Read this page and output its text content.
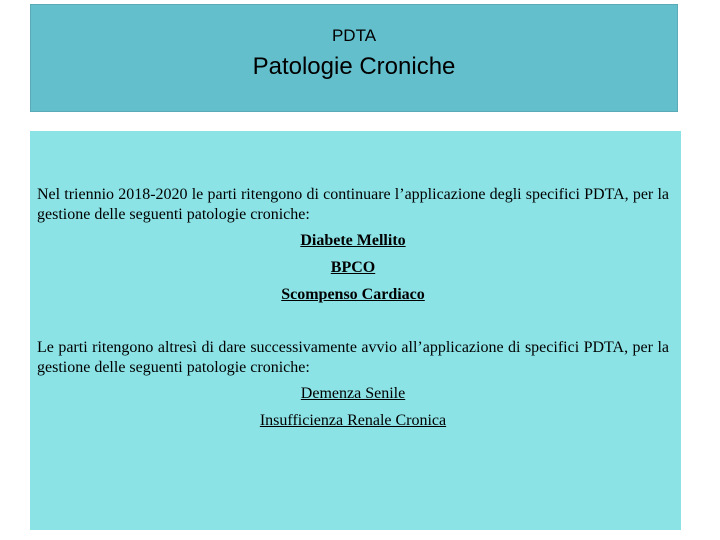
PDTA
Patologie Croniche

Nel triennio 2018-2020 le parti ritengono di continuare l’applicazione degli specifici PDTA, per la gestione delle seguenti patologie croniche:

Diabete Mellito
BPCO
Scompenso Cardiaco

Le parti ritengono altresì di dare successivamente avvio all’applicazione di specifici PDTA, per la gestione delle seguenti patologie croniche:

Demenza Senile
Insufficienza Renale Cronica
